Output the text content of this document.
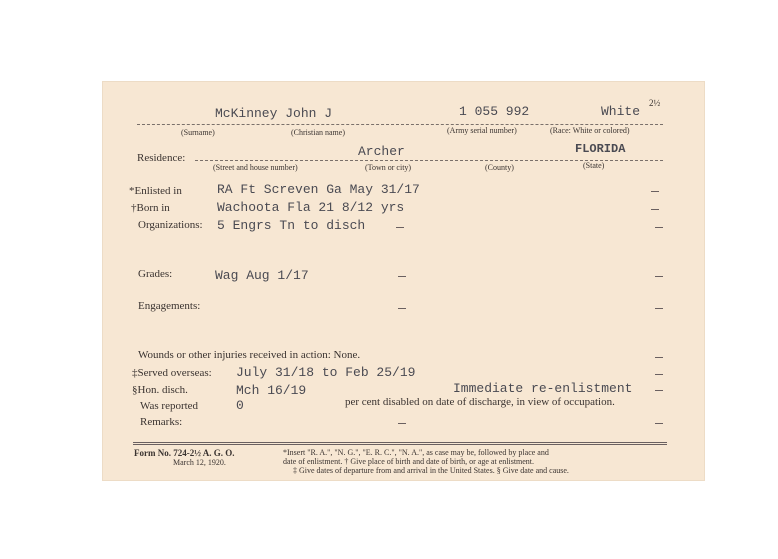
McKinney John J	1 055 992	White
2½
(Surname)	(Christian name)	(Army serial number)	(Race: White or colored)
Residence:	Archer	FLORIDA
(Street and house number)	(Town or city)	(County)	(State)
*Enlisted in	RA Ft Screven Ga May 31/17
†Born in	Wachoota Fla 21 8/12 yrs
Organizations: 5 Engrs Tn to disch
Grades:	Wag Aug 1/17
Engagements:
Wounds or other injuries received in action: None.
‡Served overseas: July 31/18 to Feb 25/19
§Hon. disch.	Mch 16/19	Immediate re-enlistment
Was reported	0	per cent disabled on date of discharge, in view of occupation.
Remarks:
Form No. 724-2½ A. G. O.
March 12, 1920.
*Insert "R. A.", "N. G.", "E. R. C.", "N. A.", as case may be, followed by place and
date of enlistment. † Give place of birth and date of birth, or age at enlistment.
‡ Give dates of departure from and arrival in the United States. § Give date and cause.
